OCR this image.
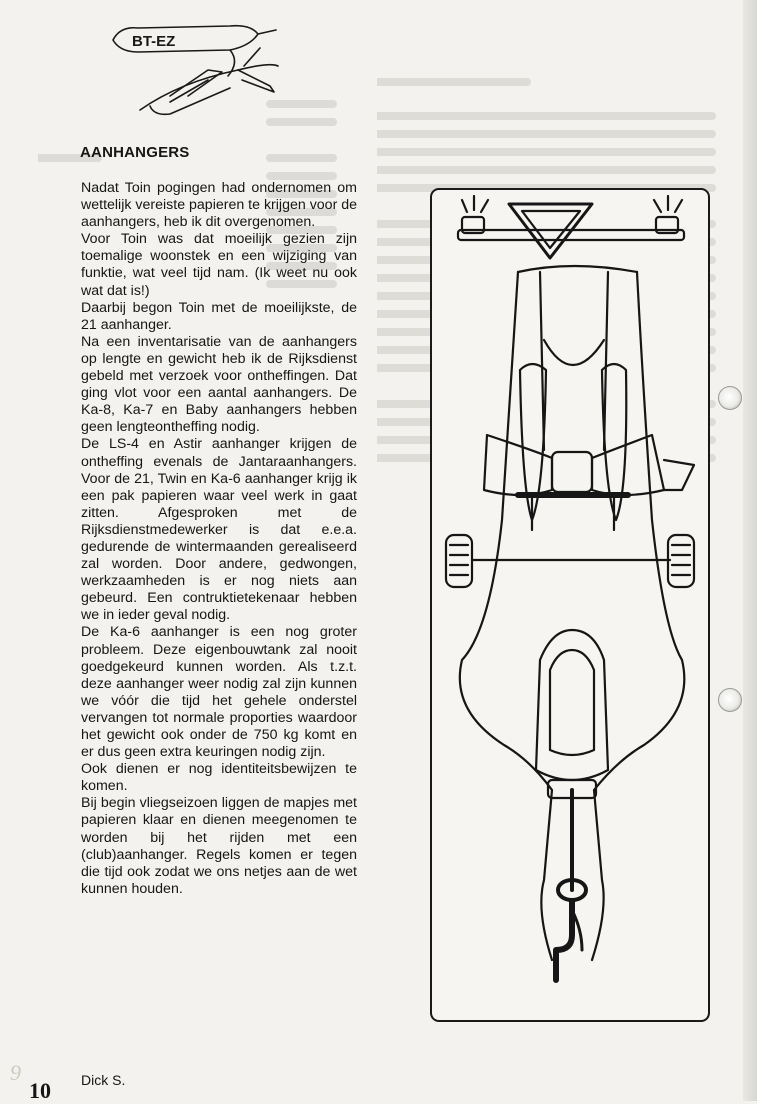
BT-EZ
AANHANGERS

Nadat Toin pogingen had ondernomen om wettelijk vereiste papieren te krijgen voor de aanhangers, heb ik dit overgenomen.

Voor Toin was dat moeilijk gezien zijn toemalige woonstek en een wijziging van funktie, wat veel tijd nam. (Ik weet nu ook wat dat is!)

Daarbij begon Toin met de moeilijkste, de 21 aanhanger.

Na een inventarisatie van de aanhangers op lengte en gewicht heb ik de Rijksdienst gebeld met verzoek voor ontheffingen. Dat ging vlot voor een aantal aanhangers. De Ka-8, Ka-7 en Baby aanhangers hebben geen lengteontheffing nodig.

De LS-4 en Astir aanhanger krijgen de ontheffing evenals de Jantaraanhangers. Voor de 21, Twin en Ka-6 aanhanger krijg ik een pak papieren waar veel werk in gaat zitten. Afgesproken met de Rijksdienstmedewerker is dat e.e.a. gedurende de wintermaanden gerealiseerd zal worden. Door andere, gedwongen, werkzaamheden is er nog niets aan gebeurd. Een contruktietekenaar hebben we in ieder geval nodig.

De Ka-6 aanhanger is een nog groter probleem. Deze eigenbouwtank zal nooit goedgekeurd kunnen worden. Als t.z.t. deze aanhanger weer nodig zal zijn kunnen we vóór die tijd het gehele onderstel vervangen tot normale proporties waardoor het gewicht ook onder de 750 kg komt en er dus geen extra keuringen nodig zijn.

Ook dienen er nog identiteitsbewijzen te komen.

Bij begin vliegseizoen liggen de mapjes met papieren klaar en dienen meegenomen te worden bij het rijden met een (club)aanhanger. Regels komen er tegen die tijd ook zodat we ons netjes aan de wet kunnen houden.

Dick S.
9
10
